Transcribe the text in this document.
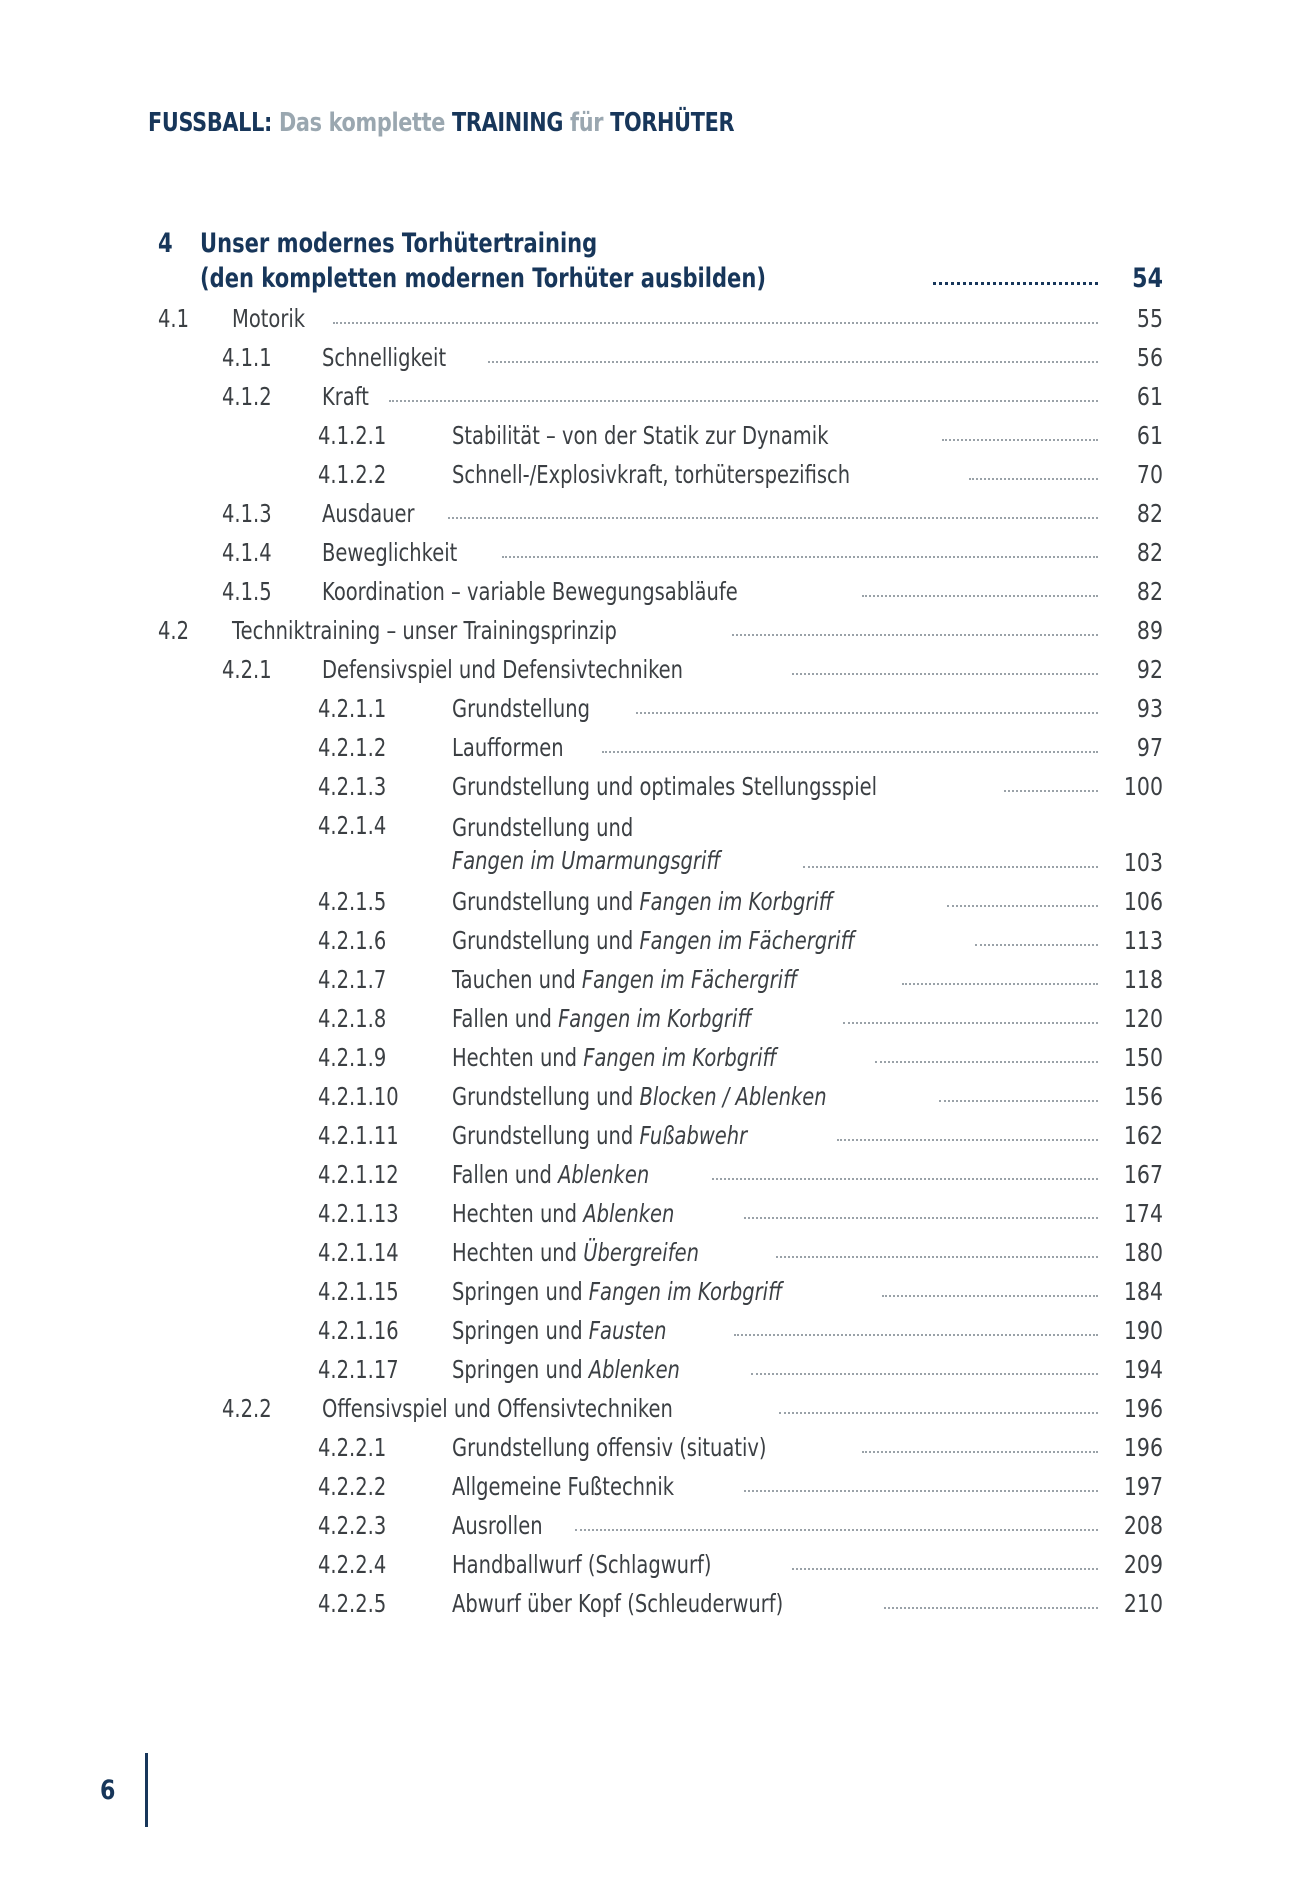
FUSSBALL: Das komplette TRAINING für TORHÜTER
4	Unser modernes Torhütertraining
(den kompletten modernen Torhüter ausbilden)	54
4.1	Motorik	55
4.1.1	Schnelligkeit	56
4.1.2	Kraft	61
4.1.2.1	Stabilität – von der Statik zur Dynamik	61
4.1.2.2	Schnell-/Explosivkraft, torhüterspezifisch	70
4.1.3	Ausdauer	82
4.1.4	Beweglichkeit	82
4.1.5	Koordination – variable Bewegungsabläufe	82
4.2	Techniktraining – unser Trainingsprinzip	89
4.2.1	Defensivspiel und Defensivtechniken	92
4.2.1.1	Grundstellung	93
4.2.1.2	Laufformen	97
4.2.1.3	Grundstellung und optimales Stellungsspiel	100
4.2.1.4	Grundstellung und
Fangen im Umarmungsgriff	103
4.2.1.5	Grundstellung und Fangen im Korbgriff	106
4.2.1.6	Grundstellung und Fangen im Fächergriff	113
4.2.1.7	Tauchen und Fangen im Fächergriff	118
4.2.1.8	Fallen und Fangen im Korbgriff	120
4.2.1.9	Hechten und Fangen im Korbgriff	150
4.2.1.10	Grundstellung und Blocken / Ablenken	156
4.2.1.11	Grundstellung und Fußabwehr	162
4.2.1.12	Fallen und Ablenken	167
4.2.1.13	Hechten und Ablenken	174
4.2.1.14	Hechten und Übergreifen	180
4.2.1.15	Springen und Fangen im Korbgriff	184
4.2.1.16	Springen und Fausten	190
4.2.1.17	Springen und Ablenken	194
4.2.2	Offensivspiel und Offensivtechniken	196
4.2.2.1	Grundstellung offensiv (situativ)	196
4.2.2.2	Allgemeine Fußtechnik	197
4.2.2.3	Ausrollen	208
4.2.2.4	Handballwurf (Schlagwurf)	209
4.2.2.5	Abwurf über Kopf (Schleuderwurf)	210
6
